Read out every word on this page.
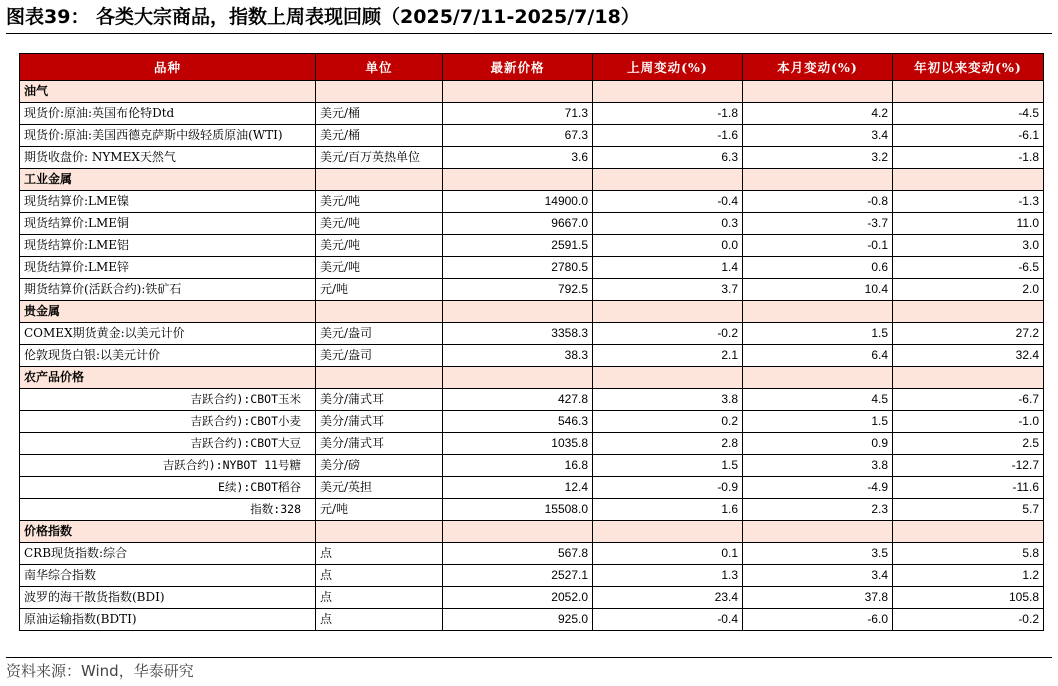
图表39： 各类大宗商品，指数上周表现回顾（2025/7/11-2025/7/18）
品种	单位	最新价格	上周变动(%)	本月变动(%)	年初以来变动(%)
油气					
现货价:原油:英国布伦特Dtd	美元/桶	71.3	-1.8	4.2	-4.5
现货价:原油:美国西德克萨斯中级轻质原油(WTI)	美元/桶	67.3	-1.6	3.4	-6.1
期货收盘价: NYMEX天然气	美元/百万英热单位	3.6	6.3	3.2	-1.8
工业金属					
现货结算价:LME镍	美元/吨	14900.0	-0.4	-0.8	-1.3
现货结算价:LME铜	美元/吨	9667.0	0.3	-3.7	11.0
现货结算价:LME铝	美元/吨	2591.5	0.0	-0.1	3.0
现货结算价:LME锌	美元/吨	2780.5	1.4	0.6	-6.5
期货结算价(活跃合约):铁矿石	元/吨	792.5	3.7	10.4	2.0
贵金属					
COMEX期货黄金:以美元计价	美元/盎司	3358.3	-0.2	1.5	27.2
伦敦现货白银:以美元计价	美元/盎司	38.3	2.1	6.4	32.4
农产品价格					
吉跃合约):CBOT玉米	美分/蒲式耳	427.8	3.8	4.5	-6.7
吉跃合约):CBOT小麦	美分/蒲式耳	546.3	0.2	1.5	-1.0
吉跃合约):CBOT大豆	美分/蒲式耳	1035.8	2.8	0.9	2.5
吉跃合约):NYBOT 11号糖	美分/磅	16.8	1.5	3.8	-12.7
E续):CBOT稻谷	美元/英担	12.4	-0.9	-4.9	-11.6
指数:328	元/吨	15508.0	1.6	2.3	5.7
价格指数					
CRB现货指数:综合	点	567.8	0.1	3.5	5.8
南华综合指数	点	2527.1	1.3	3.4	1.2
波罗的海干散货指数(BDI)	点	2052.0	23.4	37.8	105.8
原油运输指数(BDTI)	点	925.0	-0.4	-6.0	-0.2
资料来源：Wind，华泰研究
